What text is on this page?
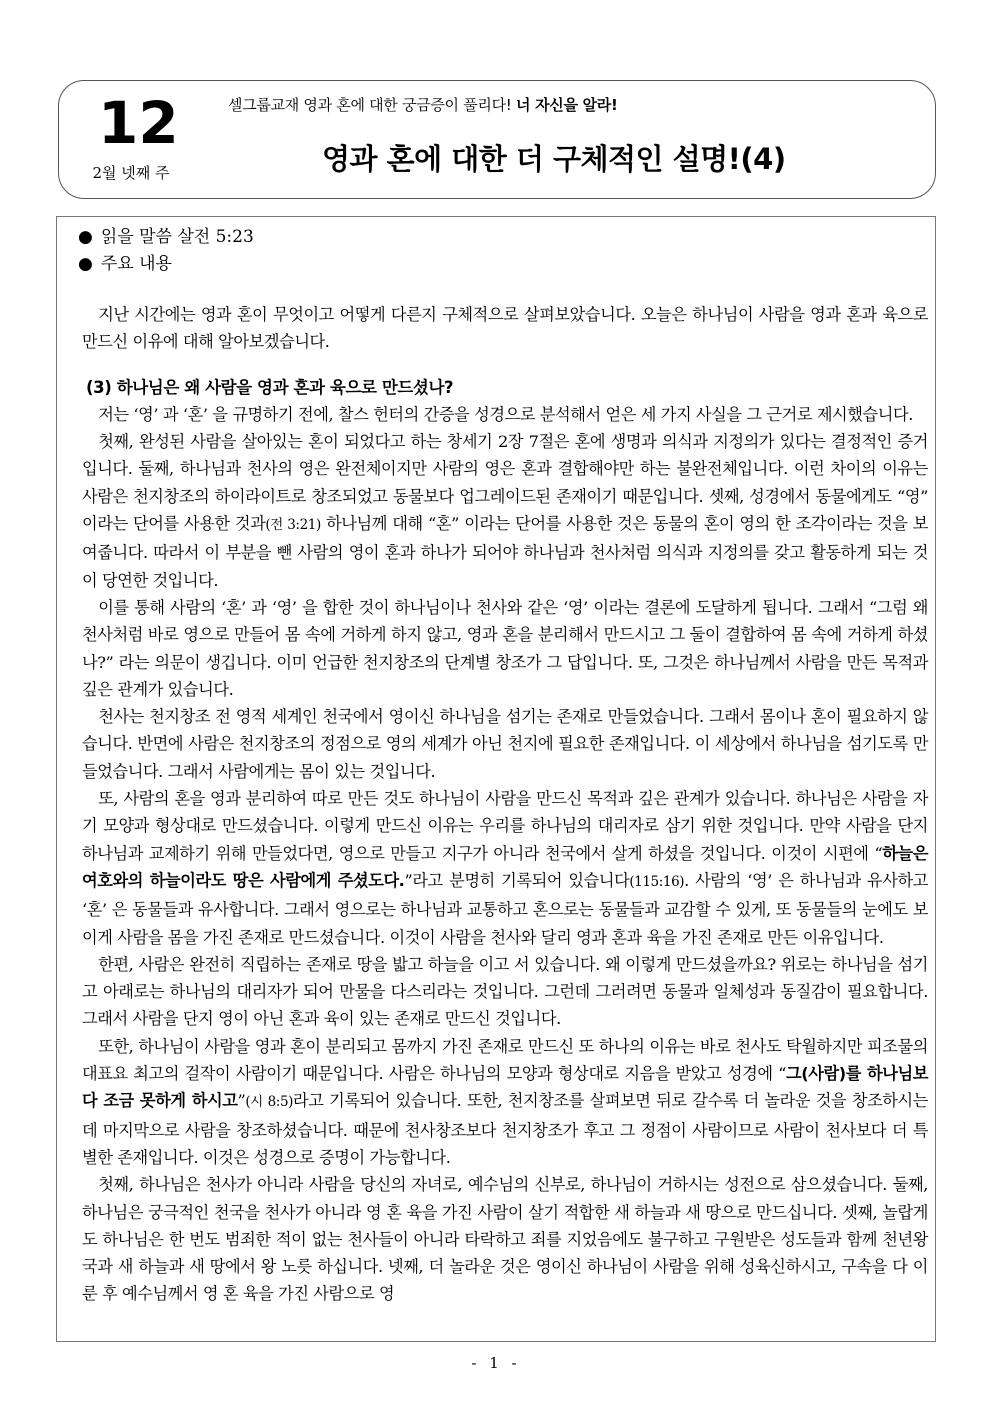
12
2월 넷째 주
셀그룹교재 영과 혼에 대한 궁금증이 풀리다! 너 자신을 알라!
영과 혼에 대한 더 구체적인 설명!(4)
● 읽을 말씀 살전 5:23
● 주요 내용

지난 시간에는 영과 혼이 무엇이고 어떻게 다른지 구체적으로 살펴보았습니다. 오늘은 하나님이 사람을 영과 혼과 육으로 만드신 이유에 대해 알아보겠습니다.

(3) 하나님은 왜 사람을 영과 혼과 육으로 만드셨나?

저는 ‘영’ 과 ‘혼’ 을 규명하기 전에, 찰스 헌터의 간증을 성경으로 분석해서 얻은 세 가지 사실을 그 근거로 제시했습니다.

첫째, 완성된 사람을 살아있는 혼이 되었다고 하는 창세기 2장 7절은 혼에 생명과 의식과 지정의가 있다는 결정적인 증거입니다. 둘째, 하나님과 천사의 영은 완전체이지만 사람의 영은 혼과 결합해야만 하는 불완전체입니다. 이런 차이의 이유는 사람은 천지창조의 하이라이트로 창조되었고 동물보다 업그레이드된 존재이기 때문입니다. 셋째, 성경에서 동물에게도 “영” 이라는 단어를 사용한 것과(전 3:21) 하나님께 대해 “혼” 이라는 단어를 사용한 것은 동물의 혼이 영의 한 조각이라는 것을 보여줍니다. 따라서 이 부분을 뺀 사람의 영이 혼과 하나가 되어야 하나님과 천사처럼 의식과 지정의를 갖고 활동하게 되는 것이 당연한 것입니다.

이를 통해 사람의 ‘혼’ 과 ‘영’ 을 합한 것이 하나님이나 천사와 같은 ‘영’ 이라는 결론에 도달하게 됩니다. 그래서 “그럼 왜 천사처럼 바로 영으로 만들어 몸 속에 거하게 하지 않고, 영과 혼을 분리해서 만드시고 그 둘이 결합하여 몸 속에 거하게 하셨나?” 라는 의문이 생깁니다. 이미 언급한 천지창조의 단계별 창조가 그 답입니다. 또, 그것은 하나님께서 사람을 만든 목적과 깊은 관계가 있습니다.

천사는 천지창조 전 영적 세계인 천국에서 영이신 하나님을 섬기는 존재로 만들었습니다. 그래서 몸이나 혼이 필요하지 않습니다. 반면에 사람은 천지창조의 정점으로 영의 세계가 아닌 천지에 필요한 존재입니다. 이 세상에서 하나님을 섬기도록 만들었습니다. 그래서 사람에게는 몸이 있는 것입니다.

또, 사람의 혼을 영과 분리하여 따로 만든 것도 하나님이 사람을 만드신 목적과 깊은 관계가 있습니다. 하나님은 사람을 자기 모양과 형상대로 만드셨습니다. 이렇게 만드신 이유는 우리를 하나님의 대리자로 삼기 위한 것입니다. 만약 사람을 단지 하나님과 교제하기 위해 만들었다면, 영으로 만들고 지구가 아니라 천국에서 살게 하셨을 것입니다. 이것이 시편에 “하늘은 여호와의 하늘이라도 땅은 사람에게 주셨도다.”라고 분명히 기록되어 있습니다(115:16). 사람의 ‘영’ 은 하나님과 유사하고 ‘혼’ 은 동물들과 유사합니다. 그래서 영으로는 하나님과 교통하고 혼으로는 동물들과 교감할 수 있게, 또 동물들의 눈에도 보이게 사람을 몸을 가진 존재로 만드셨습니다. 이것이 사람을 천사와 달리 영과 혼과 육을 가진 존재로 만든 이유입니다.

한편, 사람은 완전히 직립하는 존재로 땅을 밟고 하늘을 이고 서 있습니다. 왜 이렇게 만드셨을까요? 위로는 하나님을 섬기고 아래로는 하나님의 대리자가 되어 만물을 다스리라는 것입니다. 그런데 그러려면 동물과 일체성과 동질감이 필요합니다. 그래서 사람을 단지 영이 아닌 혼과 육이 있는 존재로 만드신 것입니다.

또한, 하나님이 사람을 영과 혼이 분리되고 몸까지 가진 존재로 만드신 또 하나의 이유는 바로 천사도 탁월하지만 피조물의 대표요 최고의 걸작이 사람이기 때문입니다. 사람은 하나님의 모양과 형상대로 지음을 받았고 성경에 “그(사람)를 하나님보다 조금 못하게 하시고”(시 8:5)라고 기록되어 있습니다. 또한, 천지창조를 살펴보면 뒤로 갈수록 더 놀라운 것을 창조하시는데 마지막으로 사람을 창조하셨습니다. 때문에 천사창조보다 천지창조가 후고 그 정점이 사람이므로 사람이 천사보다 더 특별한 존재입니다. 이것은 성경으로 증명이 가능합니다.

첫째, 하나님은 천사가 아니라 사람을 당신의 자녀로, 예수님의 신부로, 하나님이 거하시는 성전으로 삼으셨습니다. 둘째, 하나님은 궁극적인 천국을 천사가 아니라 영 혼 육을 가진 사람이 살기 적합한 새 하늘과 새 땅으로 만드십니다. 셋째, 놀랍게도 하나님은 한 번도 범죄한 적이 없는 천사들이 아니라 타락하고 죄를 지었음에도 불구하고 구원받은 성도들과 함께 천년왕국과 새 하늘과 새 땅에서 왕 노릇 하십니다. 넷째, 더 놀라운 것은 영이신 하나님이 사람을 위해 성육신하시고, 구속을 다 이룬 후 예수님께서 영 혼 육을 가진 사람으로 영

- 1 -
